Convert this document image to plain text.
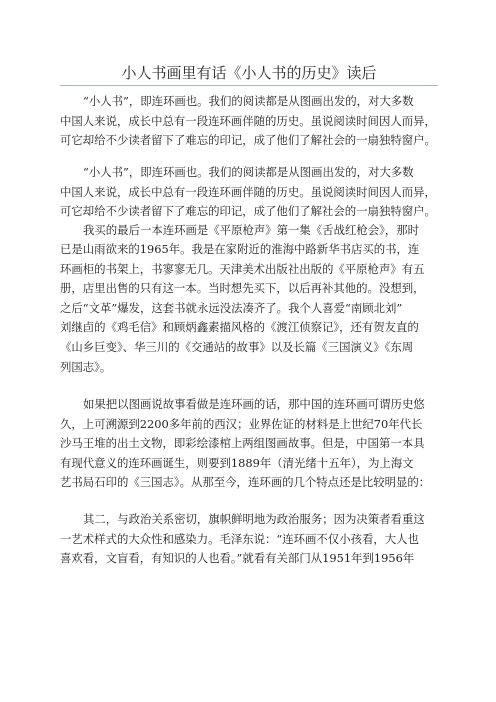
小人书画里有话《小人书的历史》读后
“小人书”，即连环画也。我们的阅读都是从图画出发的，对大多数
中国人来说，成长中总有一段连环画伴随的历史。虽说阅读时间因人而异，
可它却给不少读者留下了难忘的印记，成了他们了解社会的一扇独特窗户。
“小人书”，即连环画也。我们的阅读都是从图画出发的，对大多数
中国人来说，成长中总有一段连环画伴随的历史。虽说阅读时间因人而异，
可它却给不少读者留下了难忘的印记，成了他们了解社会的一扇独特窗户。
我买的最后一本连环画是《平原枪声》第一集《舌战红枪会》，那时
已是山雨欲来的1965年。我是在家附近的淮海中路新华书店买的书，连
环画柜的书架上，书寥寥无几。天津美术出版社出版的《平原枪声》有五
册，店里出售的只有这一本。当时想先买下，以后再补其他的。没想到，
之后“文革”爆发，这套书就永远没法凑齐了。我个人喜爱“南顾北刘”
刘继卣的《鸡毛信》和顾炳鑫素描风格的《渡江侦察记》，还有贺友直的
《山乡巨变》、华三川的《交通站的故事》以及长篇《三国演义》《东周
列国志》。
如果把以图画说故事看做是连环画的话，那中国的连环画可谓历史悠
久，上可溯源到2200多年前的西汉；业界佐证的材料是上世纪70年代长
沙马王堆的出土文物，即彩绘漆棺上两组图画故事。但是，中国第一本具
有现代意义的连环画诞生，则要到1889年（清光绪十五年），为上海文
艺书局石印的《三国志》。从那至今，连环画的几个特点还是比较明显的：
其二，与政治关系密切，旗帜鲜明地为政治服务；因为决策者看重这
一艺术样式的大众性和感染力。毛泽东说：“连环画不仅小孩看，大人也
喜欢看，文盲看，有知识的人也看。”就看有关部门从1951年到1956年
